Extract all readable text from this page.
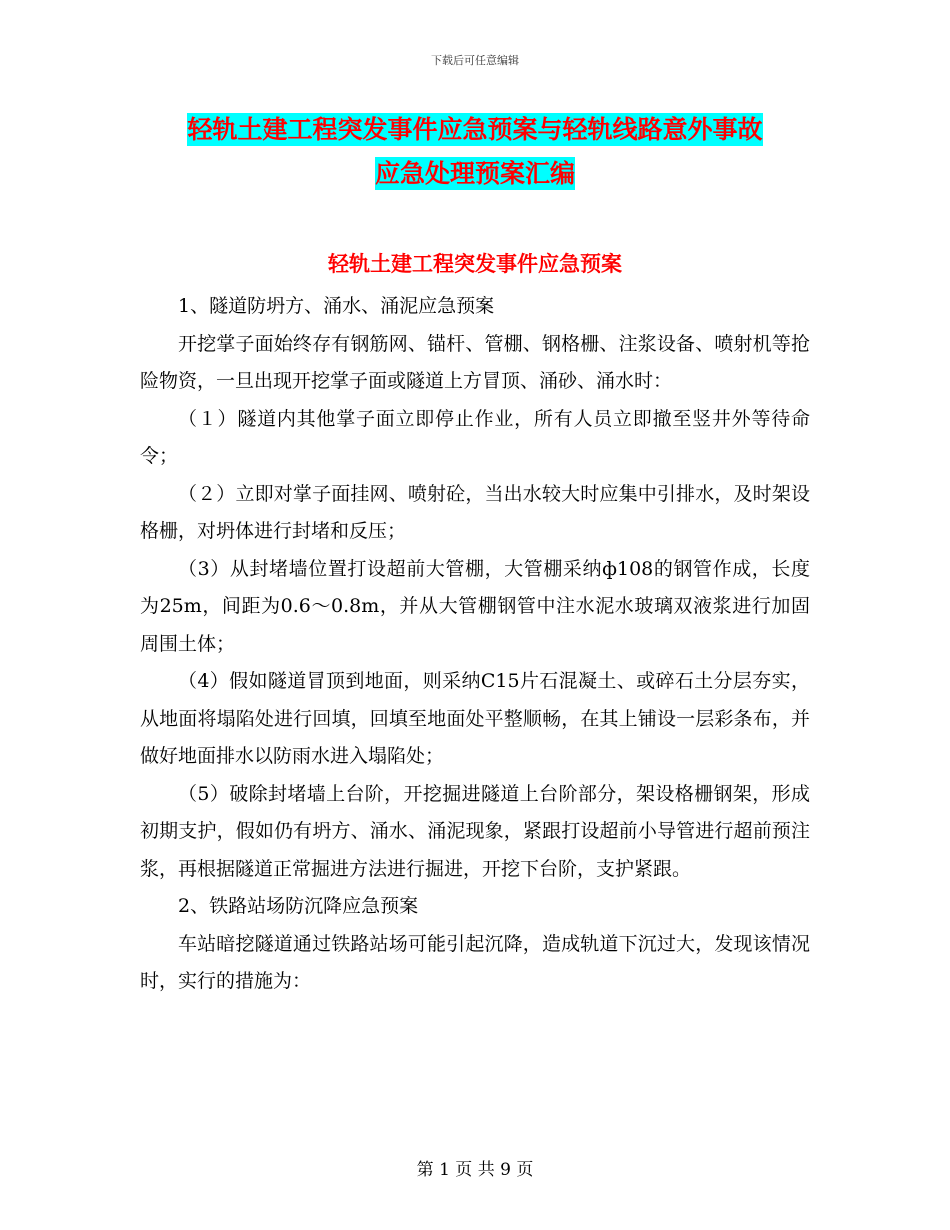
下载后可任意编辑
轻轨土建工程突发事件应急预案与轻轨线路意外事故
应急处理预案汇编
轻轨土建工程突发事件应急预案

1、隧道防坍方、涌水、涌泥应急预案

开挖掌子面始终存有钢筋网、锚杆、管棚、钢格栅、注浆设备、喷射机等抢险物资，一旦出现开挖掌子面或隧道上方冒顶、涌砂、涌水时：

（１）隧道内其他掌子面立即停止作业，所有人员立即撤至竖井外等待命令；

（２）立即对掌子面挂网、喷射砼，当出水较大时应集中引排水，及时架设格栅，对坍体进行封堵和反压；

（3）从封堵墙位置打设超前大管棚，大管棚采纳ф108的钢管作成，长度为25m，间距为0.6～0.8m，并从大管棚钢管中注水泥水玻璃双液浆进行加固周围土体；

（4）假如隧道冒顶到地面，则采纳C15片石混凝土、或碎石土分层夯实，从地面将塌陷处进行回填，回填至地面处平整顺畅，在其上铺设一层彩条布，并做好地面排水以防雨水进入塌陷处；

（5）破除封堵墙上台阶，开挖掘进隧道上台阶部分，架设格栅钢架，形成初期支护，假如仍有坍方、涌水、涌泥现象，紧跟打设超前小导管进行超前预注浆，再根据隧道正常掘进方法进行掘进，开挖下台阶，支护紧跟。

2、铁路站场防沉降应急预案

车站暗挖隧道通过铁路站场可能引起沉降，造成轨道下沉过大，发现该情况时，实行的措施为：

第 1 页 共 9 页
